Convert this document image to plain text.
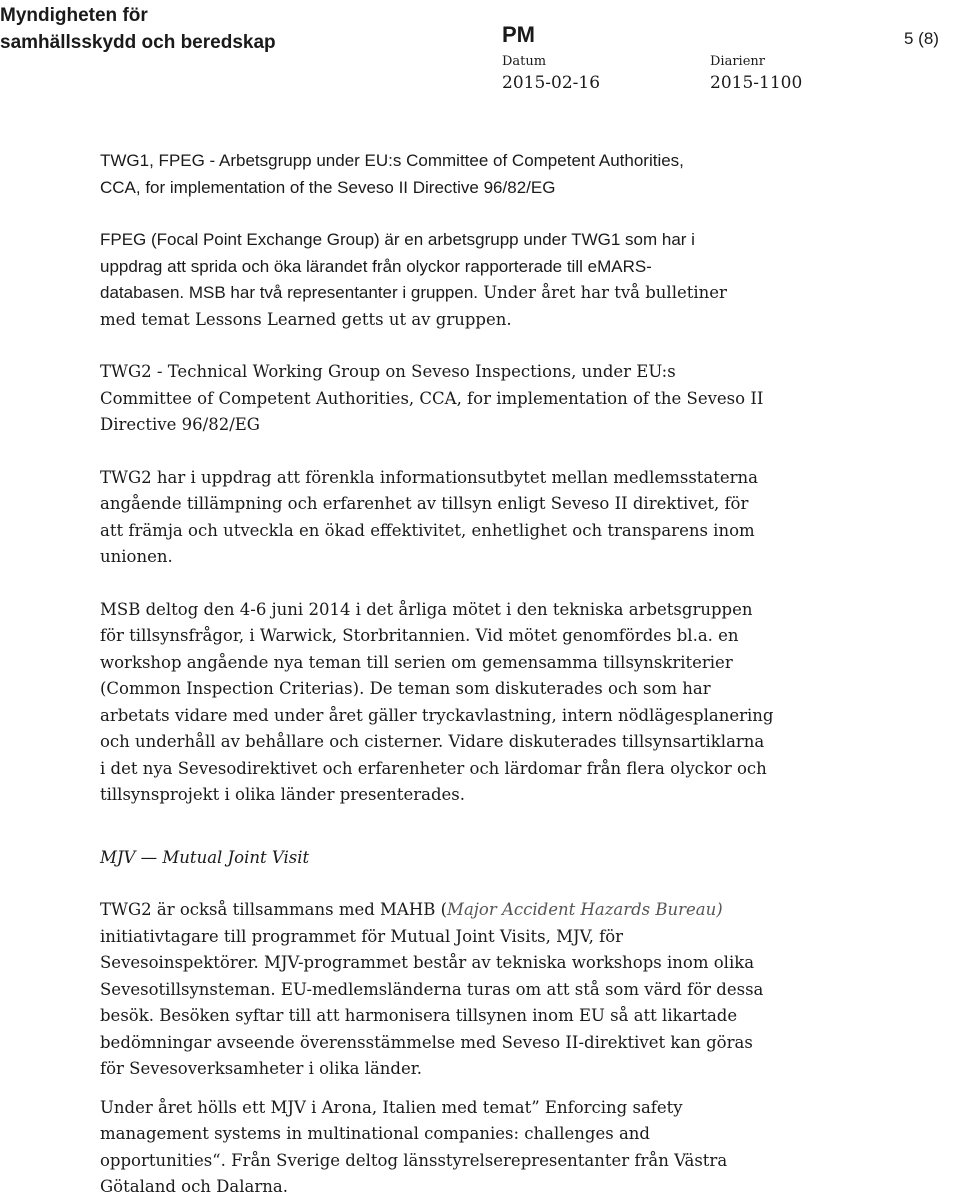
Myndigheten för
samhällsskydd och beredskap	PM	5 (8)
Datum	Diarienr
2015-02-16	2015-1100

TWG1, FPEG - Arbetsgrupp under EU:s Committee of Competent Authorities,
CCA, for implementation of the Seveso II Directive 96/82/EG

FPEG (Focal Point Exchange Group) är en arbetsgrupp under TWG1 som har i
uppdrag att sprida och öka lärandet från olyckor rapporterade till eMARS-
databasen. MSB har två representanter i gruppen. Under året har två bulletiner
med temat Lessons Learned getts ut av gruppen.

TWG2 - Technical Working Group on Seveso Inspections, under EU:s
Committee of Competent Authorities, CCA, for implementation of the Seveso II
Directive 96/82/EG

TWG2 har i uppdrag att förenkla informationsutbytet mellan medlemsstaterna
angående tillämpning och erfarenhet av tillsyn enligt Seveso II direktivet, för
att främja och utveckla en ökad effektivitet, enhetlighet och transparens inom
unionen.

MSB deltog den 4-6 juni 2014 i det årliga mötet i den tekniska arbetsgruppen
för tillsynsfrågor, i Warwick, Storbritannien. Vid mötet genomfördes bl.a. en
workshop angående nya teman till serien om gemensamma tillsynskriterier
(Common Inspection Criterias). De teman som diskuterades och som har
arbetats vidare med under året gäller tryckavlastning, intern nödlägesplanering
och underhåll av behållare och cisterner. Vidare diskuterades tillsynsartiklarna
i det nya Sevesodirektivet och erfarenheter och lärdomar från flera olyckor och
tillsynsprojekt i olika länder presenterades.

MJV — Mutual Joint Visit

TWG2 är också tillsammans med MAHB (Major Accident Hazards Bureau)
initiativtagare till programmet för Mutual Joint Visits, MJV, för
Sevesoinspektörer. MJV-programmet består av tekniska workshops inom olika
Sevesotillsynsteman. EU-medlemsländerna turas om att stå som värd för dessa
besök. Besöken syftar till att harmonisera tillsynen inom EU så att likartade
bedömningar avseende överensstämmelse med Seveso II-direktivet kan göras
för Sevesoverksamheter i olika länder.

Under året hölls ett MJV i Arona, Italien med temat” Enforcing safety
management systems in multinational companies: challenges and
opportunities“. Från Sverige deltog länsstyrelserepresentanter från Västra
Götaland och Dalarna.
